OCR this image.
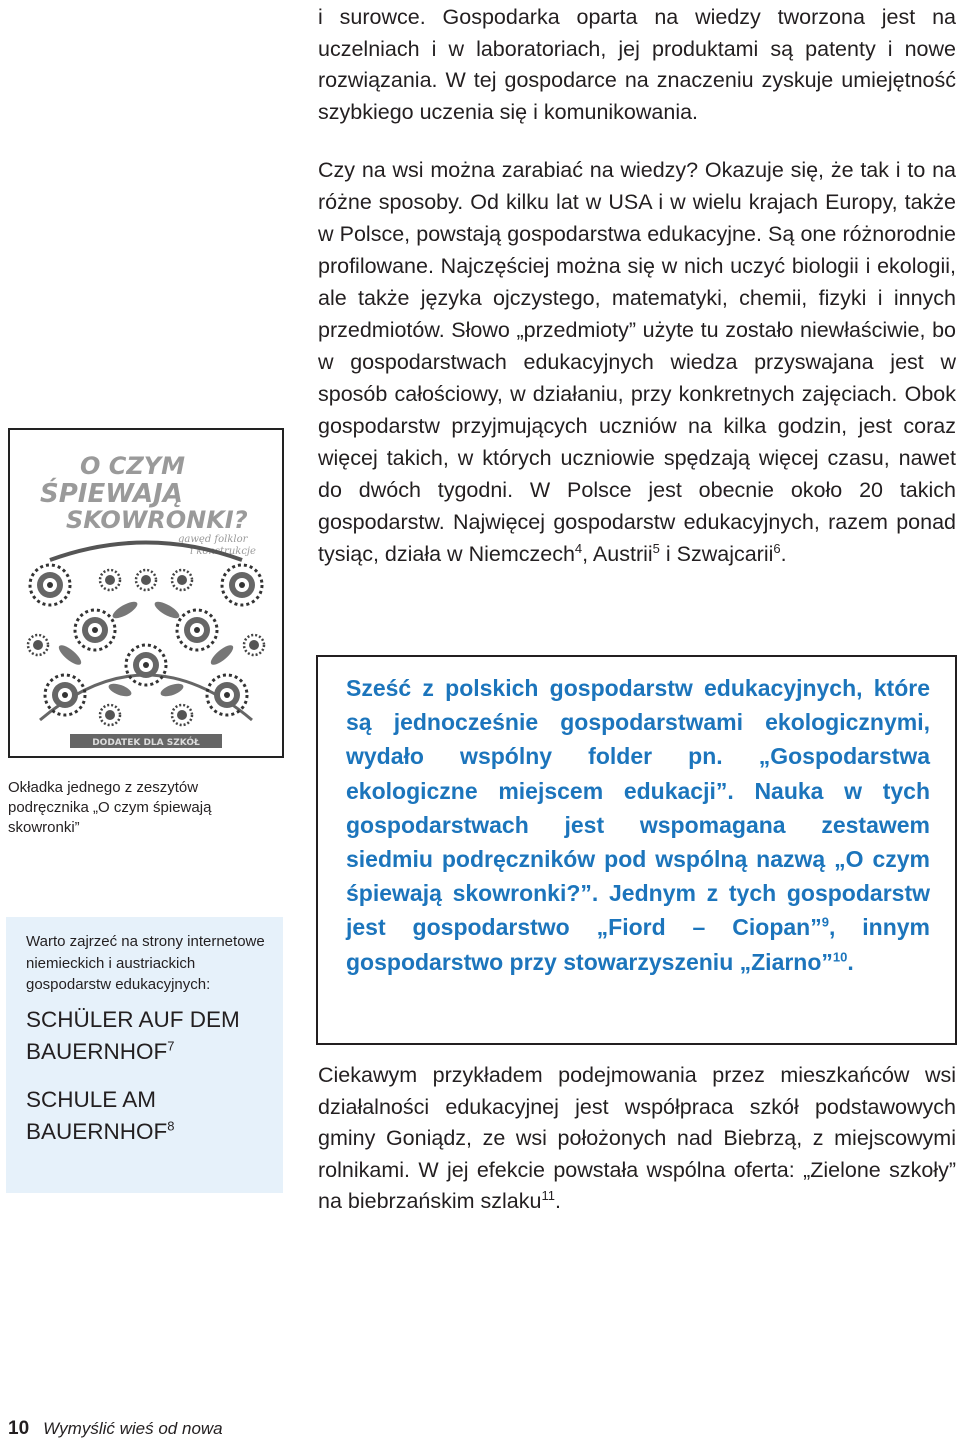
i surowce. Gospodarka oparta na wiedzy tworzona jest na uczelniach i w laboratoriach, jej produktami są patenty i nowe rozwiązania. W tej gospodarce na znaczeniu zyskuje umiejętność szybkiego uczenia się i komunikowania.

Czy na wsi można zarabiać na wiedzy? Okazuje się, że tak i to na różne sposoby. Od kilku lat w USA i w wielu krajach Europy, także w Polsce, powstają gospodarstwa edukacyjne. Są one różnorodnie profilowane. Najczęściej można się w nich uczyć biologii i ekologii, ale także języka ojczystego, matematyki, chemii, fizyki i innych przedmiotów. Słowo „przedmioty” użyte tu zostało niewłaściwie, bo w gospodarstwach edukacyjnych wiedza przyswajana jest w sposób całościowy, w działaniu, przy konkretnych zajęciach. Obok gospodarstw przyjmujących uczniów na kilka godzin, jest coraz więcej takich, w których uczniowie spędzają więcej czasu, nawet do dwóch tygodni. W Polsce jest obecnie około 20 takich gospodarstw. Najwięcej gospodarstw edukacyjnych, razem ponad tysiąc, działa w Niemczech$^4$, Austrii$^5$ i Szwajcarii$^6$.

O CZYM
ŚPIEWAJĄ
SKOWRONKI?
gawęd folklor
i konstrukcje
DODATEK DLA SZKÓŁ

Okładka jednego z zeszytów podręcznika „O czym śpiewają skowronki”

Warto zajrzeć na strony internetowe niemieckich i austriackich gospodarstw edukacyjnych:

SCHÜLER AUF DEM
BAUERNHOF$^7$

SCHULE AM
BAUERNHOF$^8$

Sześć z polskich gospodarstw edukacyjnych, które są jednocześnie gospodarstwami ekologicznymi, wydało wspólny folder pn. „Gospodarstwa ekologiczne miejscem edukacji”. Nauka w tych gospodarstwach jest wspomagana zestawem siedmiu podręczników pod wspólną nazwą „O czym śpiewają skowronki?”. Jednym z tych gospodarstw jest gospodarstwo „Fiord – Ciopan”$^9$, innym gospodarstwo przy stowarzyszeniu „Ziarno”$^{10}$.

Ciekawym przykładem podejmowania przez mieszkańców wsi działalności edukacyjnej jest współpraca szkół podstawowych gminy Goniądz, ze wsi położonych nad Biebrzą, z miejscowymi rolnikami. W jej efekcie powstała wspólna oferta: „Zielone szkoły” na biebrzańskim szlaku$^{11}$.

10 Wymyślić wieś od nowa
